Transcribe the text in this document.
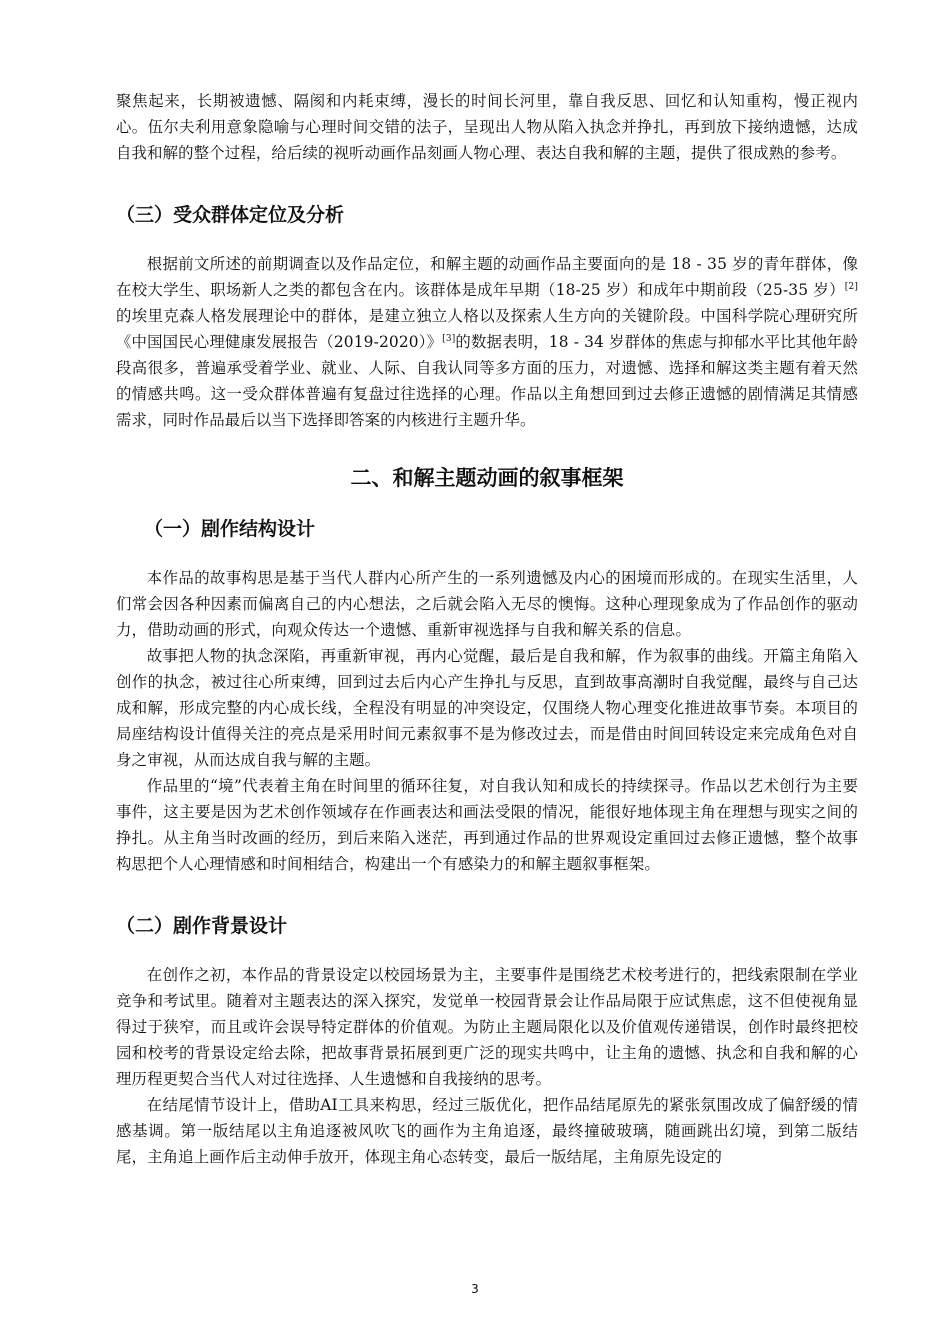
聚焦起来，长期被遗憾、隔阂和内耗束缚，漫长的时间长河里，靠自我反思、回忆和认知重构，慢正视内心。伍尔夫利用意象隐喻与心理时间交错的法子，呈现出人物从陷入执念并挣扎，再到放下接纳遗憾，达成自我和解的整个过程，给后续的视听动画作品刻画人物心理、表达自我和解的主题，提供了很成熟的参考。

（三）受众群体定位及分析

根据前文所述的前期调查以及作品定位，和解主题的动画作品主要面向的是 18 - 35 岁的青年群体，像在校大学生、职场新人之类的都包含在内。该群体是成年早期（18-25 岁）和成年中期前段（25-35 岁）[2]的埃里克森人格发展理论中的群体，是建立独立人格以及探索人生方向的关键阶段。中国科学院心理研究所《中国国民心理健康发展报告（2019-2020）》[3]的数据表明，18 - 34 岁群体的焦虑与抑郁水平比其他年龄段高很多，普遍承受着学业、就业、人际、自我认同等多方面的压力，对遗憾、选择和解这类主题有着天然的情感共鸣。这一受众群体普遍有复盘过往选择的心理。作品以主角想回到过去修正遗憾的剧情满足其情感需求，同时作品最后以当下选择即答案的内核进行主题升华。

二、和解主题动画的叙事框架
（一）剧作结构设计

本作品的故事构思是基于当代人群内心所产生的一系列遗憾及内心的困境而形成的。在现实生活里，人们常会因各种因素而偏离自己的内心想法，之后就会陷入无尽的懊悔。这种心理现象成为了作品创作的驱动力，借助动画的形式，向观众传达一个遗憾、重新审视选择与自我和解关系的信息。

故事把人物的执念深陷，再重新审视，再内心觉醒，最后是自我和解，作为叙事的曲线。开篇主角陷入创作的执念，被过往心所束缚，回到过去后内心产生挣扎与反思，直到故事高潮时自我觉醒，最终与自己达成和解，形成完整的内心成长线，全程没有明显的冲突设定，仅围绕人物心理变化推进故事节奏。本项目的局座结构设计值得关注的亮点是采用时间元素叙事不是为修改过去，而是借由时间回转设定来完成角色对自身之审视，从而达成自我与解的主题。

作品里的“境”代表着主角在时间里的循环往复，对自我认知和成长的持续探寻。作品以艺术创行为主要事件，这主要是因为艺术创作领域存在作画表达和画法受限的情况，能很好地体现主角在理想与现实之间的挣扎。从主角当时改画的经历，到后来陷入迷茫，再到通过作品的世界观设定重回过去修正遗憾，整个故事构思把个人心理情感和时间相结合，构建出一个有感染力的和解主题叙事框架。

（二）剧作背景设计

在创作之初，本作品的背景设定以校园场景为主，主要事件是围绕艺术校考进行的，把线索限制在学业竞争和考试里。随着对主题表达的深入探究，发觉单一校园背景会让作品局限于应试焦虑，这不但使视角显得过于狭窄，而且或许会误导特定群体的价值观。为防止主题局限化以及价值观传递错误，创作时最终把校园和校考的背景设定给去除，把故事背景拓展到更广泛的现实共鸣中，让主角的遗憾、执念和自我和解的心理历程更契合当代人对过往选择、人生遗憾和自我接纳的思考。

在结尾情节设计上，借助AI工具来构思，经过三版优化，把作品结尾原先的紧张氛围改成了偏舒缓的情感基调。第一版结尾以主角追逐被风吹飞的画作为主角追逐，最终撞破玻璃，随画跳出幻境，到第二版结尾，主角追上画作后主动伸手放开，体现主角心态转变，最后一版结尾，主角原先设定的

3
